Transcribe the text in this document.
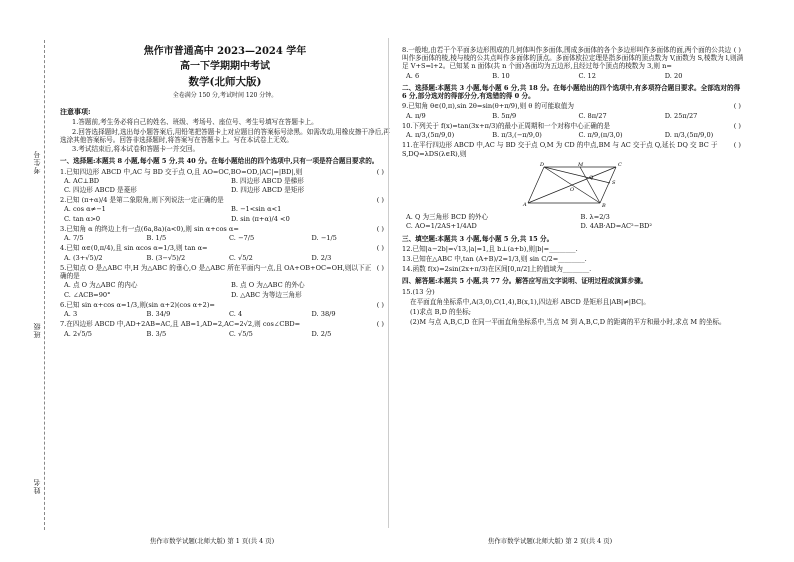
考生号
班级
姓名
焦作市普通高中 2023—2024 学年
高一下学期期中考试
数学(北师大版)
全卷满分 150 分,考试时间 120 分钟。
注意事项:

1.答题前,考生务必将自己的姓名、班级、考场号、座位号、考生号填写在答题卡上。

2.回答选择题时,选出每小题答案后,用铅笔把答题卡上对应题目的答案标号涂黑。如需改动,用橡皮擦干净后,再选涂其他答案标号。回答非选择题时,将答案写在答题卡上。写在本试卷上无效。

3.考试结束后,将本试卷和答题卡一并交回。

一、选择题:本题共 8 小题,每小题 5 分,共 40 分。在每小题给出的四个选项中,只有一项是符合题目要求的。
( )
1.已知四边形 ABCD 中,AC 与 BD 交于点 O,且 AO=OC,BO=OD,|AC|=|BD|,则
A. AC⊥BD	B. 四边形 ABCD 是梯形
C. 四边形 ABCD 是菱形	D. 四边形 ABCD 是矩形
( )
2.已知 (π+α)/4 是第二象限角,则下列说法一定正确的是
A. cos α≠−1	B. −1<sin α<1
C. tan α>0	D. sin (π+α)/4 <0
( )
3.已知角 α 的终边上有一点(6a,8a)(a<0),则 sin α+cos α=
A. 7/5	B. 1/5	C. −7/5	D. −1/5
( )
4.已知 α∈(0,π/4),且 sin αcos α=1/3,则 tan α=
A. (3+√5)/2	B. (3−√5)/2	C. √5/2	D. 2/3
( )
5.已知点 O 是△ABC 中,H 为△ABC 的垂心,O 是△ABC 所在平面内一点,且 OA+OB+OC=OH,则以下正确的是
A. 点 O 为△ABC 的内心	B. 点 O 为△ABC 的外心
C. ∠ACB=90°	D. △ABC 为等边三角形
( )
6.已知 sin α+cos α=1/3,则(sin α+2)(cos α+2)=
A. 3	B. 34/9	C. 4	D. 38/9
( )
7.在四边形 ABCD 中,AD+2AB=AC,且 AB=1,AD=2,AC=2√2,则 cos∠CBD=
A. 2√5/5	B. 3/5	C. √5/5	D. 2/5
( )
8.一般地,由若干个平面多边形围成的几何体叫作多面体,围成多面体的各个多边形叫作多面体的面,两个面的公共边叫作多面体的棱,棱与棱的公共点叫作多面体的顶点。多面体欧拉定理是指多面体的顶点数为 V,面数为 S,棱数为 l,则满足 V+S=l+2。已知某 n 面体(共 n 个面)各面均为五边形,且经过每个顶点的棱数为 3,则 n=
A. 6	B. 10	C. 12	D. 20
二、选择题:本题共 3 小题,每小题 6 分,共 18 分。在每小题给出的四个选项中,有多项符合题目要求。全部选对的得 6 分,部分选对的得部分分,有选错的得 0 分。
( )
9.已知角 θ∈(0,π),sin 2θ=sin(θ+π/9),则 θ 的可能取值为
A. π/9	B. 5π/9	C. 8π/27	D. 25π/27
( )
10.下列关于 f(x)=tan(3x+π/3)的最小正周期和一个对称中心正确的是
A. π/3,(5π/9,0)	B. π/3,(−π/9,0)	C. π/9,(π/3,0)	D. π/3,(5π/9,0)
( )
11.在平行四边形 ABCD 中,AC 与 BD 交于点 O,M 为 CD 的中点,BM 与 AC 交于点 Q,延长 DQ 交 BC 于 S,DQ=λDS(λ∈R),则
D	M	C
A	B
O
Q
S
A. Q 为三角形 BCD 的外心	B. λ=2/3
C. AO=1/2AS+1/4AD	D. 4AB·AD=AC²−BD²
三、填空题:本题共 3 小题,每小题 5 分,共 15 分。
12.已知|a−2b|=√13,|a|=1,且 b⊥(a+b),则|b|=________.
13.已知在△ABC 中,tan (A+B)/2=1/3,则 sin C/2=________.
14.函数 f(x)=2sin(2x+π/3)在区间[0,π/2]上的值域为________.
四、解答题:本题共 5 小题,共 77 分。解答应写出文字说明、证明过程或演算步骤。
15.(13 分)
在平面直角坐标系中,A(3,0),C(1,4),B(x,1),四边形 ABCD 是矩形且|AB|≠|BC|。
(1)求点 B,D 的坐标;
(2)M 与点 A,B,C,D 在同一平面直角坐标系中,当点 M 到 A,B,C,D 的距离的平方和最小时,求点 M 的坐标。
焦作市数学试题(北师大版) 第 1 页(共 4 页)	焦作市数学试题(北师大版) 第 2 页(共 4 页)
